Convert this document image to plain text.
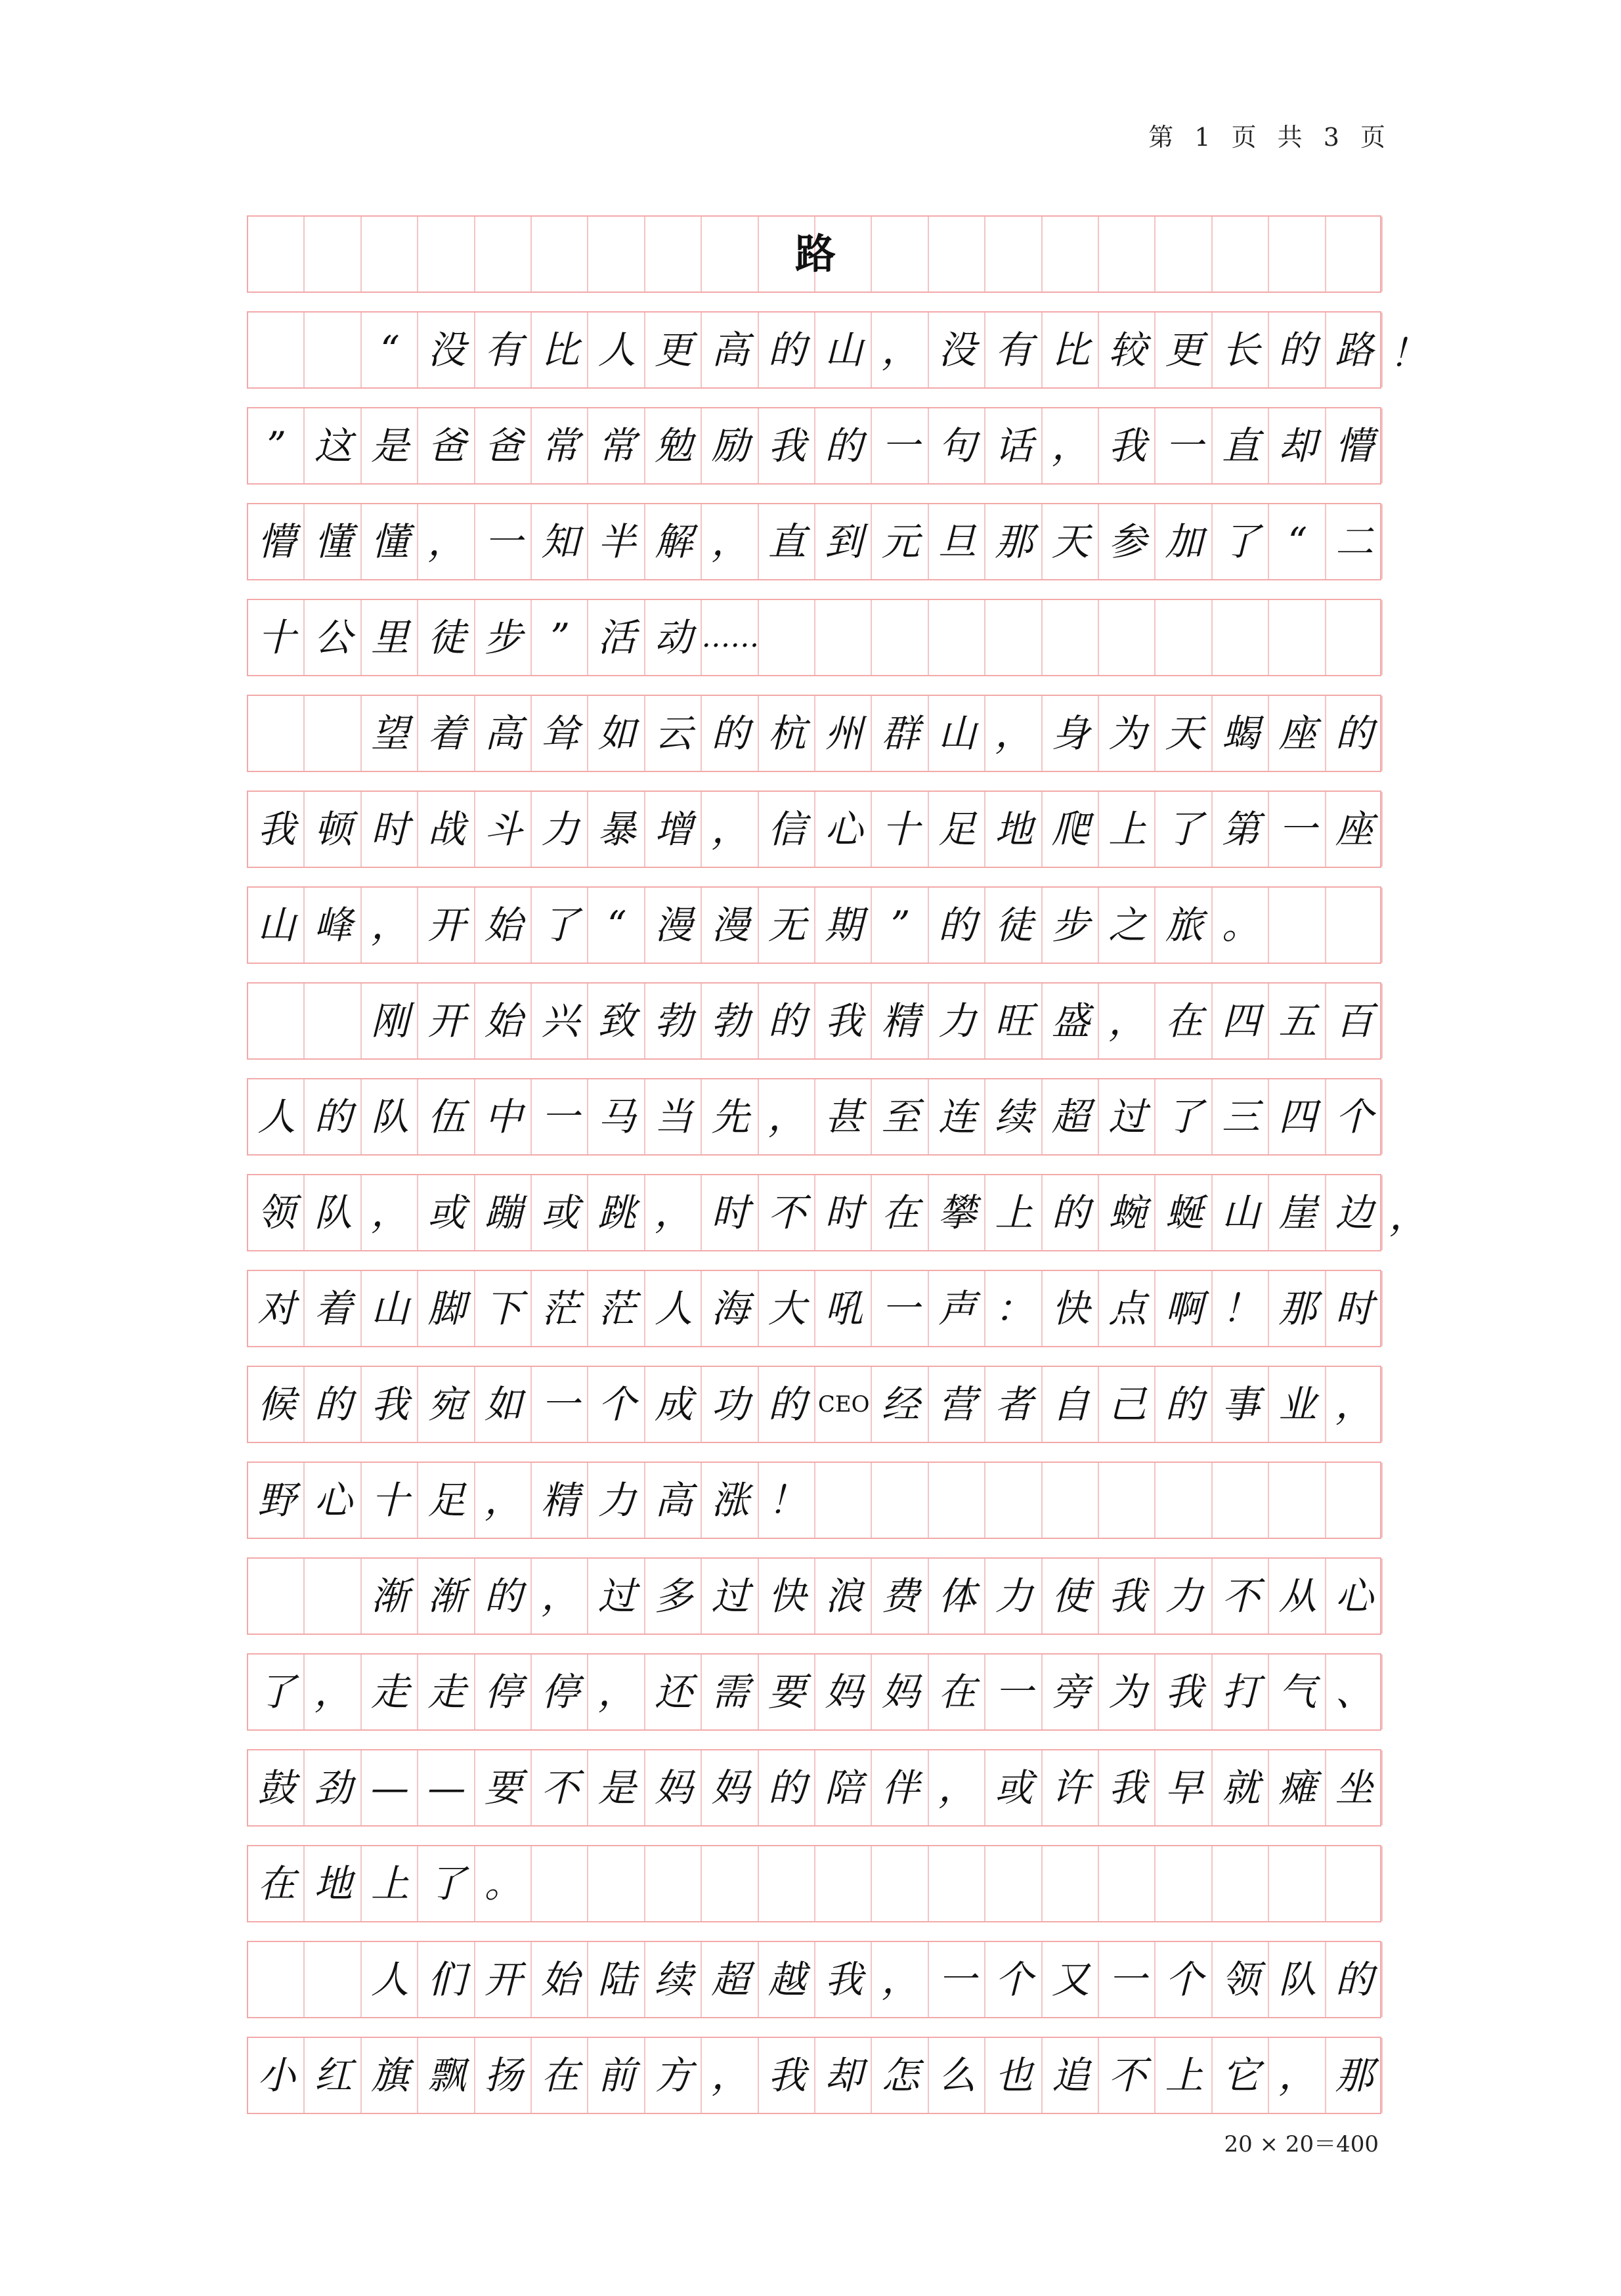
第 1 页 共 3 页
路
“ 没 有 比 人 更 高 的 山 ， 没 有 比 较 更 长 的 路 ！
” 这 是 爸 爸 常 常 勉 励 我 的 一 句 话 ， 我 一 直 却 懵
懵 懂 懂 ， 一 知 半 解 ， 直 到 元 旦 那 天 参 加 了 “ 二
十 公 里 徒 步 ” 活 动 ……
望 着 高 耸 如 云 的 杭 州 群 山 ， 身 为 天 蝎 座 的
我 顿 时 战 斗 力 暴 增 ， 信 心 十 足 地 爬 上 了 第 一 座
山 峰 ， 开 始 了 “ 漫 漫 无 期 ” 的 徒 步 之 旅 。
刚 开 始 兴 致 勃 勃 的 我 精 力 旺 盛 ， 在 四 五 百
人 的 队 伍 中 一 马 当 先 ， 甚 至 连 续 超 过 了 三 四 个
领 队 ， 或 蹦 或 跳 ， 时 不 时 在 攀 上 的 蜿 蜒 山 崖 边 ，
对 着 山 脚 下 茫 茫 人 海 大 吼 一 声 ： 快 点 啊 ！ 那 时
候 的 我 宛 如 一 个 成 功 的 CEO 经 营 者 自 己 的 事 业 ，
野 心 十 足 ， 精 力 高 涨 ！
渐 渐 的 ， 过 多 过 快 浪 费 体 力 使 我 力 不 从 心
了 ， 走 走 停 停 ， 还 需 要 妈 妈 在 一 旁 为 我 打 气 、
鼓 劲 — — 要 不 是 妈 妈 的 陪 伴 ， 或 许 我 早 就 瘫 坐
在 地 上 了 。
人 们 开 始 陆 续 超 越 我 ， 一 个 又 一 个 领 队 的
小 红 旗 飘 扬 在 前 方 ， 我 却 怎 么 也 追 不 上 它 ， 那
20 × 20＝400
